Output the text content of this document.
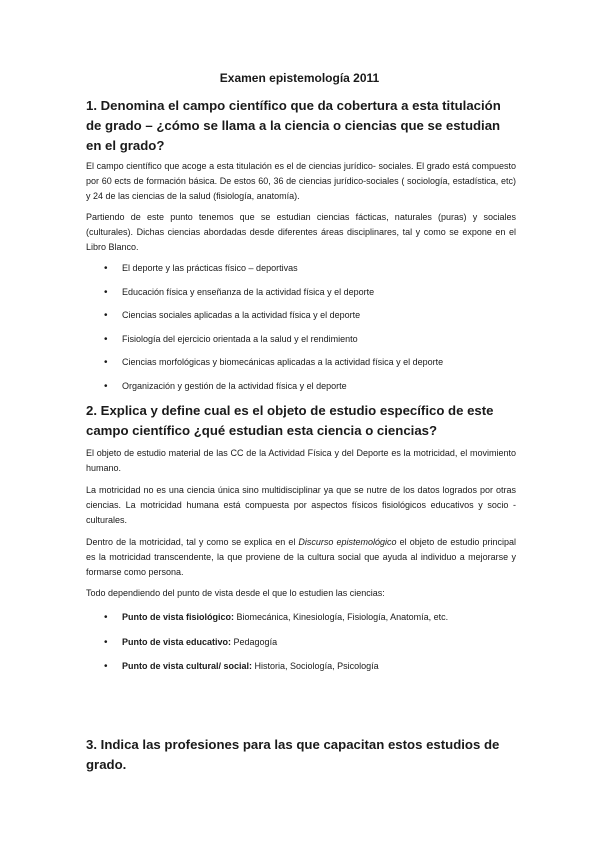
Examen epistemología 2011
1. Denomina el campo científico que da cobertura a esta titulación de grado – ¿cómo se llama a la ciencia o ciencias que se estudian en el grado?

El campo científico que acoge a esta titulación es el de ciencias jurídico- sociales. El grado está compuesto por 60 ects de formación básica. De estos 60, 36 de ciencias jurídico-sociales ( sociología, estadística, etc) y 24 de las ciencias de la salud (fisiología, anatomía).

Partiendo de este punto tenemos que se estudian ciencias fácticas, naturales (puras) y sociales (culturales). Dichas ciencias abordadas desde diferentes áreas disciplinares, tal y como se expone en el Libro Blanco.

• El deporte y las prácticas físico – deportivas
• Educación física y enseñanza de la actividad física y el deporte
• Ciencias sociales aplicadas a la actividad física y el deporte
• Fisiología del ejercicio orientada a la salud y el rendimiento
• Ciencias morfológicas y biomecánicas aplicadas a la actividad física y el deporte
• Organización y gestión de la actividad física y el deporte
2. Explica y define cual es el objeto de estudio específico de este campo científico ¿qué estudian esta ciencia o ciencias?

El objeto de estudio material de las CC de la Actividad Física y del Deporte es la motricidad, el movimiento humano.

La motricidad no es una ciencia única sino multidisciplinar ya que se nutre de los datos logrados por otras ciencias. La motricidad humana está compuesta por aspectos físicos fisiológicos educativos y socio - culturales.

Dentro de la motricidad, tal y como se explica en el Discurso epistemológico el objeto de estudio principal es la motricidad transcendente, la que proviene de la cultura social que ayuda al individuo a mejorarse y formarse como persona.

Todo dependiendo del punto de vista desde el que lo estudien las ciencias:

• Punto de vista fisiológico: Biomecánica, Kinesiología, Fisiología, Anatomía, etc.
• Punto de vista educativo: Pedagogía
• Punto de vista cultural/ social: Historia, Sociología, Psicología
3. Indica las profesiones para las que capacitan estos estudios de grado.
